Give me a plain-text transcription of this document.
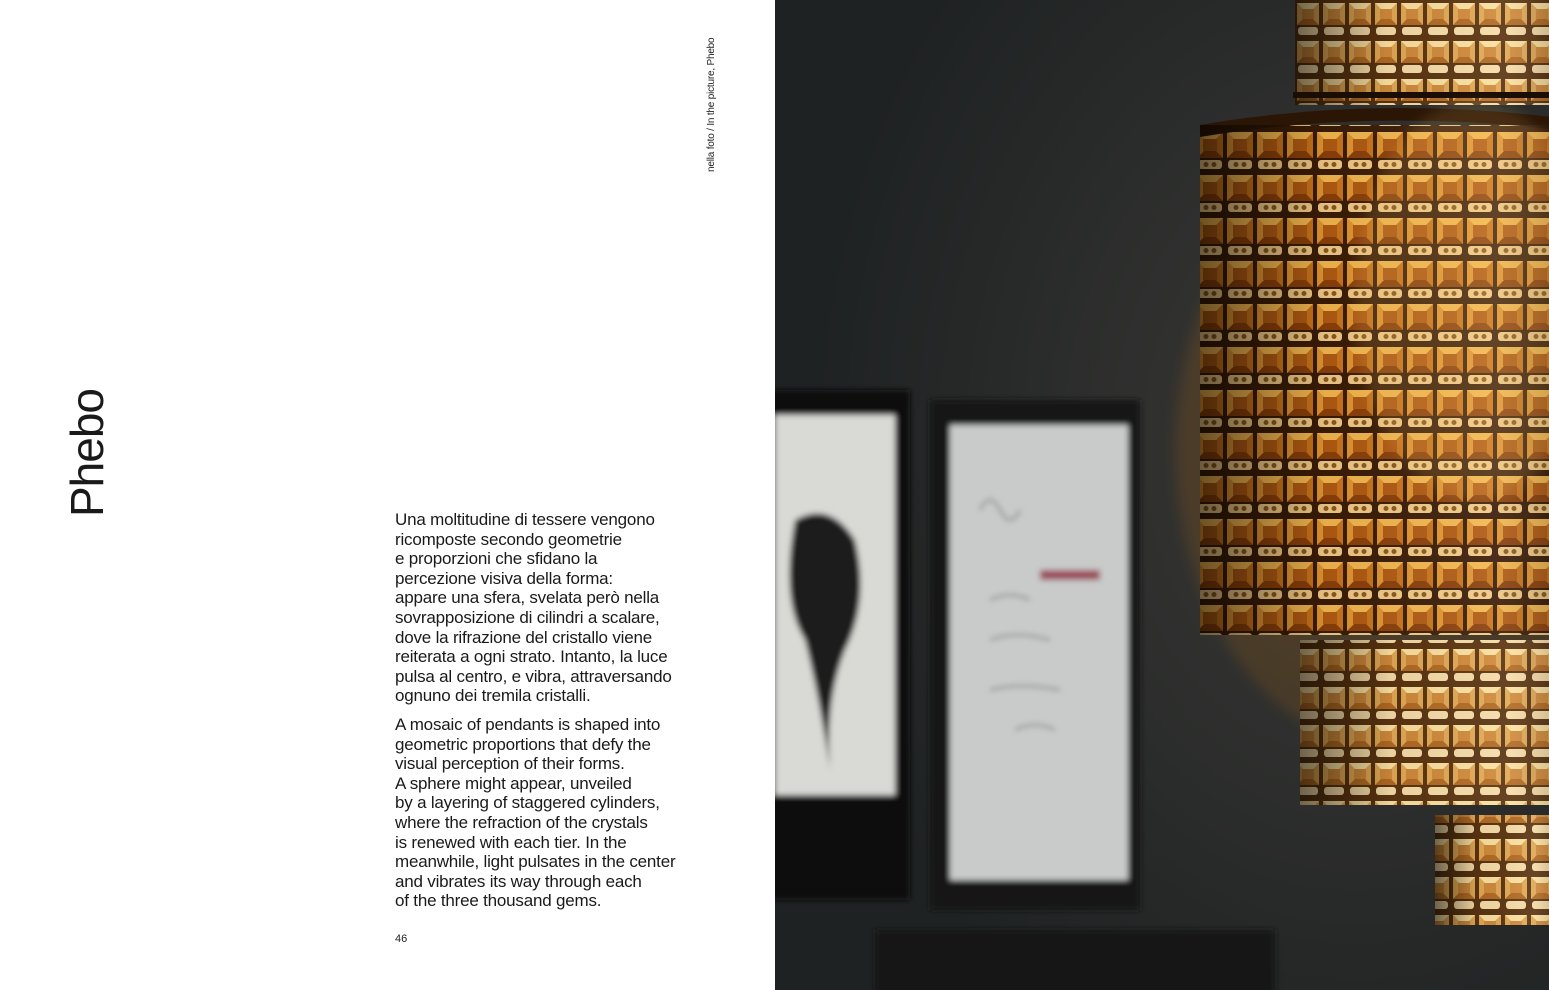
Phebo
nella foto / In the picture, Phebo

Una moltitudine di tessere vengono
ricomposte secondo geometrie
e proporzioni che sfidano la
percezione visiva della forma:
appare una sfera, svelata però nella
sovrapposizione di cilindri a scalare,
dove la rifrazione del cristallo viene
reiterata a ogni strato. Intanto, la luce
pulsa al centro, e vibra, attraversando
ognuno dei tremila cristalli.

A mosaic of pendants is shaped into
geometric proportions that defy the
visual perception of their forms.
A sphere might appear, unveiled
by a layering of staggered cylinders,
where the refraction of the crystals
is renewed with each tier. In the
meanwhile, light pulsates in the center
and vibrates its way through each
of the three thousand gems.

46
